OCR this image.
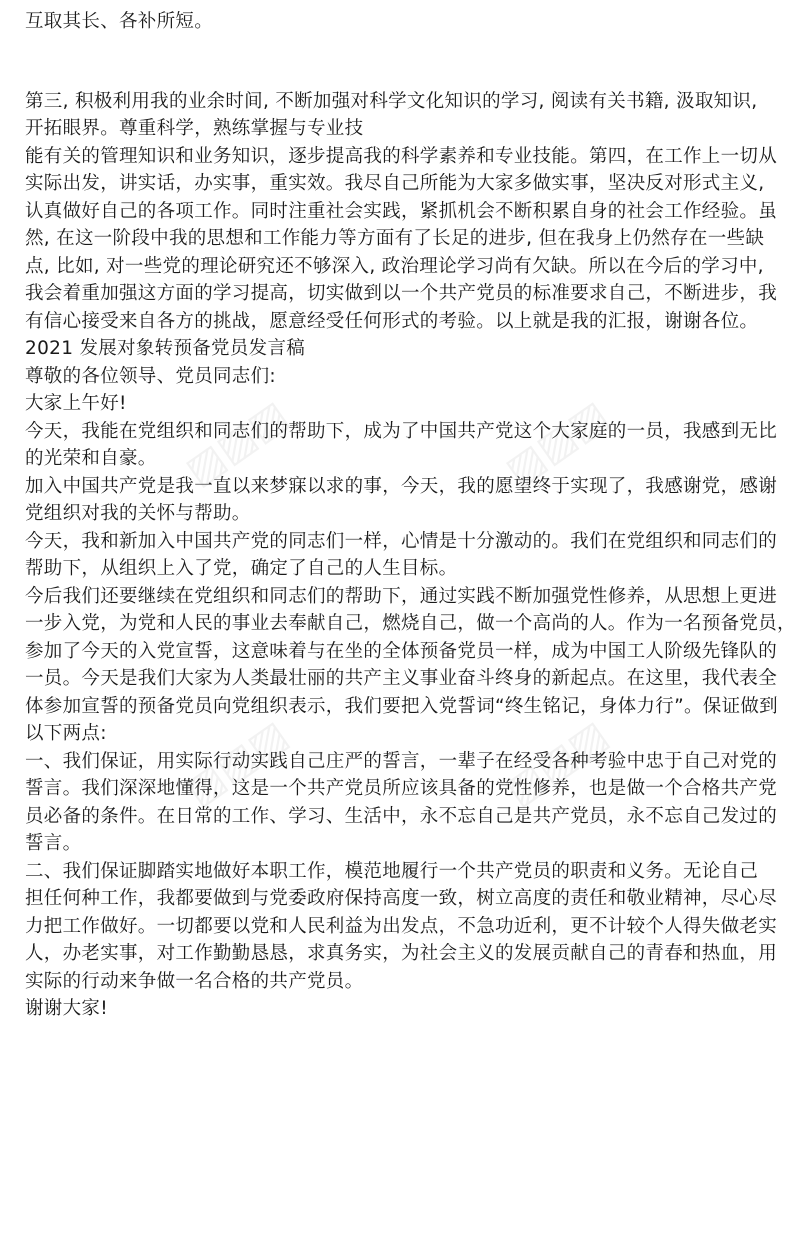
▨▨▨	▨▨▨
▨▨▨	▨▨▨
互取其长、各补所短。
第三, 积极利用我的业余时间, 不断加强对科学文化知识的学习, 阅读有关书籍, 汲取知识,
开拓眼界。尊重科学，熟练掌握与专业技
能有关的管理知识和业务知识，逐步提高我的科学素养和专业技能。第四，在工作上一切从
实际出发，讲实话，办实事，重实效。我尽自己所能为大家多做实事，坚决反对形式主义,
认真做好自己的各项工作。同时注重社会实践，紧抓机会不断积累自身的社会工作经验。虽
然, 在这一阶段中我的思想和工作能力等方面有了长足的进步, 但在我身上仍然存在一些缺
点, 比如, 对一些党的理论研究还不够深入, 政治理论学习尚有欠缺。所以在今后的学习中,
我会着重加强这方面的学习提高，切实做到以一个共产党员的标准要求自己，不断进步，我
有信心接受来自各方的挑战，愿意经受任何形式的考验。以上就是我的汇报，谢谢各位。
2021 发展对象转预备党员发言稿
尊敬的各位领导、党员同志们:
大家上午好!
今天，我能在党组织和同志们的帮助下，成为了中国共产党这个大家庭的一员，我感到无比
的光荣和自豪。
加入中国共产党是我一直以来梦寐以求的事，今天，我的愿望终于实现了，我感谢党，感谢
党组织对我的关怀与帮助。
今天，我和新加入中国共产党的同志们一样，心情是十分激动的。我们在党组织和同志们的
帮助下，从组织上入了党，确定了自己的人生目标。
今后我们还要继续在党组织和同志们的帮助下，通过实践不断加强党性修养，从思想上更进
一步入党，为党和人民的事业去奉献自己，燃烧自己，做一个高尚的人。作为一名预备党员，
参加了今天的入党宣誓，这意味着与在坐的全体预备党员一样，成为中国工人阶级先锋队的
一员。今天是我们大家为人类最壮丽的共产主义事业奋斗终身的新起点。在这里，我代表全
体参加宣誓的预备党员向党组织表示，我们要把入党誓词“终生铭记，身体力行”。保证做到
以下两点:
一、我们保证，用实际行动实践自己庄严的誓言，一辈子在经受各种考验中忠于自己对党的
誓言。我们深深地懂得，这是一个共产党员所应该具备的党性修养，也是做一个合格共产党
员必备的条件。在日常的工作、学习、生活中，永不忘自己是共产党员，永不忘自己发过的
誓言。
二、我们保证脚踏实地做好本职工作，模范地履行一个共产党员的职责和义务。无论自己
担任何种工作，我都要做到与党委政府保持高度一致，树立高度的责任和敬业精神，尽心尽
力把工作做好。一切都要以党和人民利益为出发点，不急功近利，更不计较个人得失做老实
人，办老实事，对工作勤勤恳恳，求真务实，为社会主义的发展贡献自己的青春和热血，用
实际的行动来争做一名合格的共产党员。
谢谢大家!
